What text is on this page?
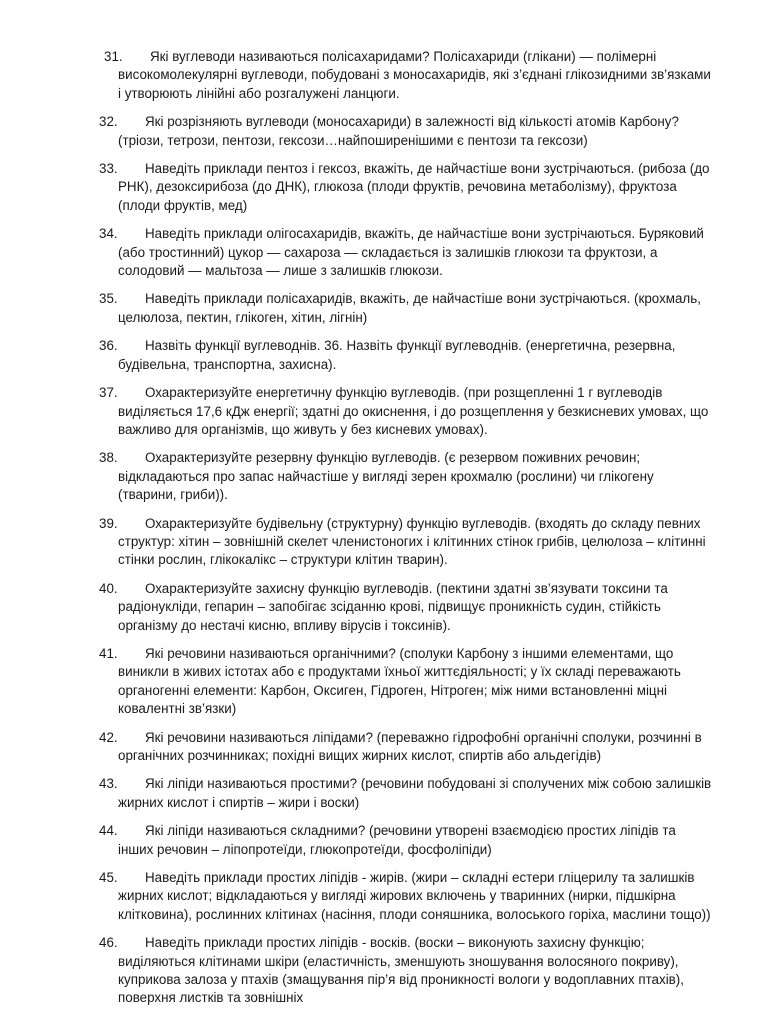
31. Які вуглеводи називаються полісахаридами? Полісахариди (глікани) — полімерні високомолекулярні вуглеводи, побудовані з моносахаридів, які з’єднані глікозидними зв’язками і утворюють лінійні або розгалужені ланцюги.

32. Які розрізняють вуглеводи (моносахариди) в залежності від кількості атомів Карбону? (тріози, тетрози, пентози, гексози…найпоширенішими є пентози та гексози)

33. Наведіть приклади пентоз і гексоз, вкажіть, де найчастіше вони зустрічаються. (рибоза (до РНК), дезоксирибоза (до ДНК), глюкоза (плоди фруктів, речовина метаболізму), фруктоза (плоди фруктів, мед)

34. Наведіть приклади олігосахаридів, вкажіть, де найчастіше вони зустрічаються. Буряковий (або тростинний) цукор — сахароза — складається із залишків глюкози та фруктози, а солодовий — мальтоза — лише з залишків глюкози.

35. Наведіть приклади полісахаридів, вкажіть, де найчастіше вони зустрічаються. (крохмаль, целюлоза, пектин, глікоген, хітин, лігнін)

36. Назвіть функції вуглеводнів. 36. Назвіть функції вуглеводнів. (енергетична, резервна, будівельна, транспортна, захисна).

37. Охарактеризуйте енергетичну функцію вуглеводів. (при розщепленні 1 г вуглеводів виділяється 17,6 кДж енергії; здатні до окиснення, і до розщеплення у безкисневих умовах, що важливо для організмів, що живуть у без кисневих умовах).

38. Охарактеризуйте резервну функцію вуглеводів. (є резервом поживних речовин; відкладаються про запас найчастіше у вигляді зерен крохмалю (рослини) чи глікогену (тварини, гриби)).

39. Охарактеризуйте будівельну (структурну) функцію вуглеводів. (входять до складу певних структур: хітин – зовнішній скелет членистоногих і клітинних стінок грибів, целюлоза – клітинні стінки рослин, глікокалікс – структури клітин тварин).

40. Охарактеризуйте захисну функцію вуглеводів. (пектини здатні зв’язувати токсини та радіонукліди, гепарин – запобігає зсіданню крові, підвищує проникність судин, стійкість організму до нестачі кисню, впливу вірусів і токсинів).

41. Які речовини називаються органічними? (сполуки Карбону з іншими елементами, що виникли в живих істотах або є продуктами їхньої життєдіяльності; у їх складі переважають органогенні елементи: Карбон, Оксиген, Гідроген, Нітроген; між ними встановленні міцні ковалентні зв’язки)

42. Які речовини називаються ліпідами? (переважно гідрофобні органічні сполуки, розчинні в органічних розчинниках; похідні вищих жирних кислот, спиртів або альдегідів)

43. Які ліпіди називаються простими? (речовини побудовані зі сполучених між собою залишків жирних кислот і спиртів – жири і воски)

44. Які ліпіди називаються складними? (речовини утворені взаємодією простих ліпідів та інших речовин – ліпопротеїди, глюкопротеїди, фосфоліпіди)

45. Наведіть приклади простих ліпідів - жирів. (жири – складні естери гліцерилу та залишків жирних кислот; відкладаються у вигляді жирових включень у тваринних (нирки, підшкірна клітковина), рослинних клітинах (насіння, плоди соняшника, волоського горіха, маслини тощо))

46. Наведіть приклади простих ліпідів - восків. (воски – виконують захисну функцію; виділяються клітинами шкіри (еластичність, зменшують зношування волосяного покриву), куприкова залоза у птахів (змащування пір’я від проникності вологи у водоплавних птахів), поверхня листків та зовнішніх
